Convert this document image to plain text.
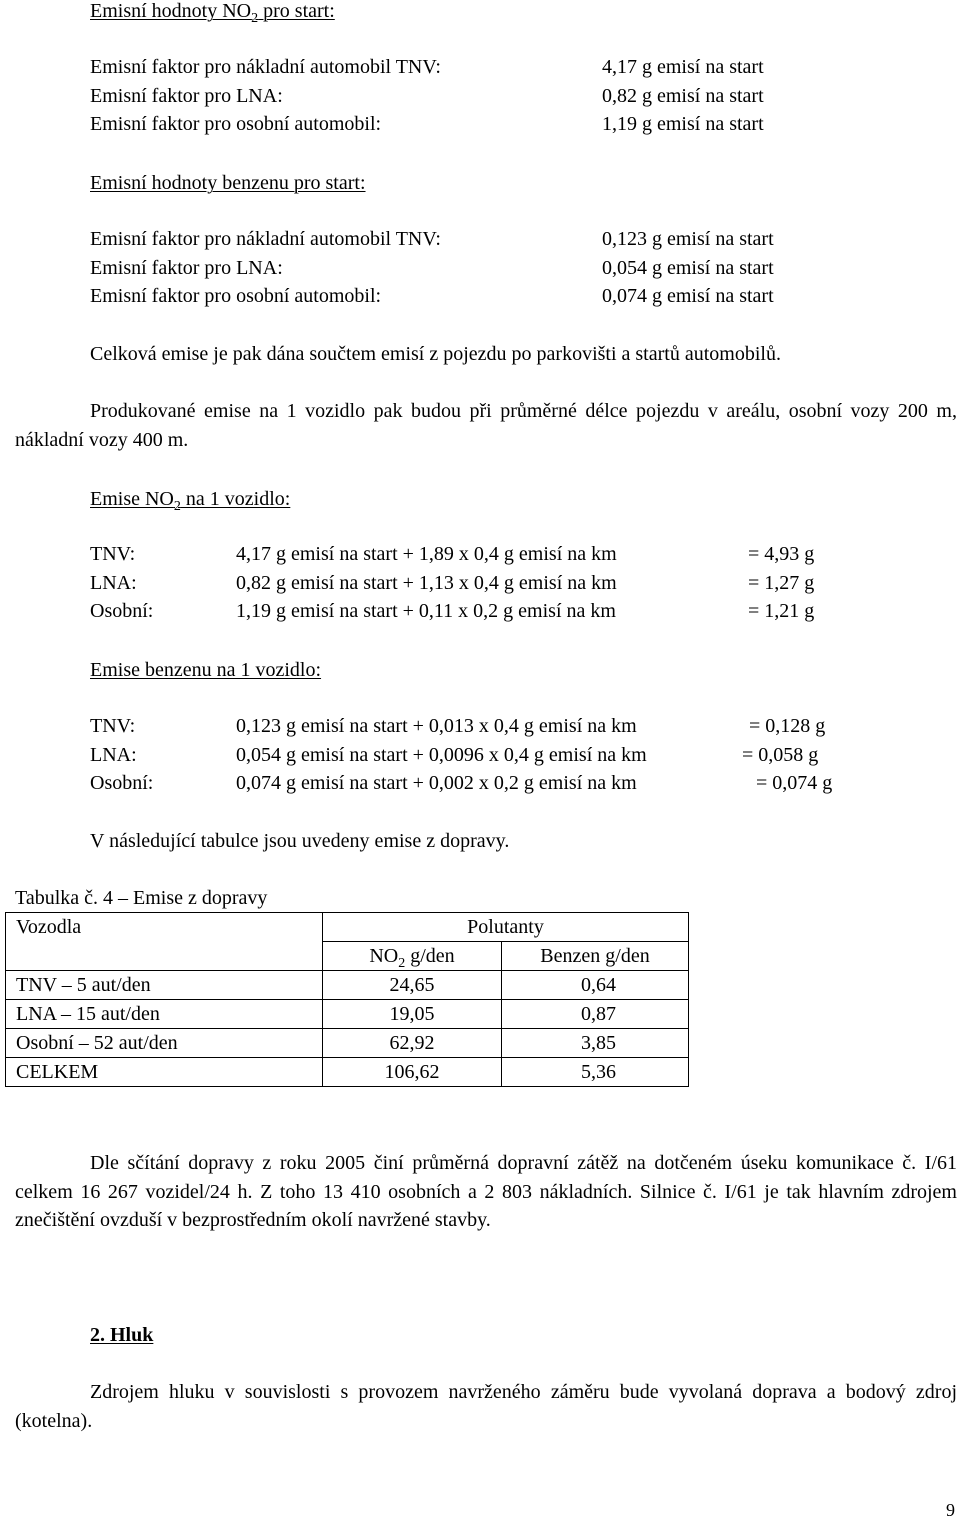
Emisní hodnoty $NO_2$ pro start:
Emisní faktor pro nákladní automobil TNV:	4,17 g emisí na start
Emisní faktor pro LNA:	0,82 g emisí na start
Emisní faktor pro osobní automobil:	1,19 g emisí na start
Emisní hodnoty benzenu pro start:
Emisní faktor pro nákladní automobil TNV:	0,123 g emisí na start
Emisní faktor pro LNA:	0,054 g emisí na start
Emisní faktor pro osobní automobil:	0,074 g emisí na start
Celková emise je pak dána součtem emisí z pojezdu po parkovišti a startů automobilů.
Produkované emise na 1 vozidlo pak budou při průměrné délce pojezdu v areálu, osobní vozy 200 m, nákladní vozy 400 m.
Emise $NO_2$ na 1 vozidlo:
TNV:	4,17 g emisí na start + 1,89 x 0,4 g emisí na km	= 4,93 g
LNA:	0,82 g emisí na start + 1,13 x 0,4 g emisí na km	= 1,27 g
Osobní:	1,19 g emisí na start + 0,11 x 0,2 g emisí na km	= 1,21 g
Emise benzenu na 1 vozidlo:
TNV:	0,123 g emisí na start + 0,013 x 0,4 g emisí na km	= 0,128 g
LNA:	0,054 g emisí na start + 0,0096 x 0,4 g emisí na km	= 0,058 g
Osobní:	0,074 g emisí na start + 0,002 x 0,2 g emisí na km	= 0,074 g
V následující tabulce jsou uvedeny emise z dopravy.
Tabulka č. 4 – Emise z dopravy
Vozodla	Polutanty	
	$NO_2$ g/den	Benzen g/den
TNV – 5 aut/den	24,65	0,64
LNA – 15 aut/den	19,05	0,87
Osobní – 52 aut/den	62,92	3,85
CELKEM	106,62	5,36
Dle sčítání dopravy z roku 2005 činí průměrná dopravní zátěž na dotčeném úseku komunikace č. I/61 celkem 16 267 vozidel/24 h. Z toho 13 410 osobních a 2 803 nákladních. Silnice č. I/61 je tak hlavním zdrojem znečištění ovzduší v bezprostředním okolí navržené stavby.
2. Hluk
Zdrojem hluku v souvislosti s provozem navrženého záměru bude vyvolaná doprava a bodový zdroj (kotelna).
9
